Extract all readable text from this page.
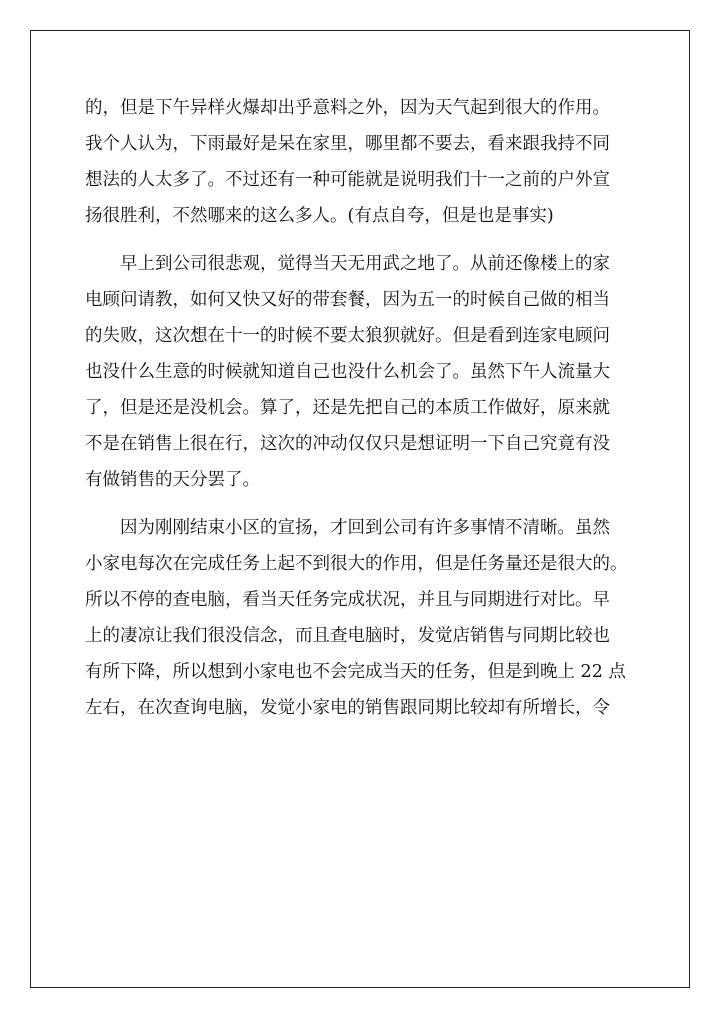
的，但是下午异样火爆却出乎意料之外，因为天气起到很大的作用。
我个人认为，下雨最好是呆在家里，哪里都不要去，看来跟我持不同
想法的人太多了。不过还有一种可能就是说明我们十一之前的户外宣
扬很胜利，不然哪来的这么多人。(有点自夸，但是也是事实)
　　早上到公司很悲观，觉得当天无用武之地了。从前还像楼上的家
电顾问请教，如何又快又好的带套餐，因为五一的时候自己做的相当
的失败，这次想在十一的时候不要太狼狈就好。但是看到连家电顾问
也没什么生意的时候就知道自己也没什么机会了。虽然下午人流量大
了，但是还是没机会。算了，还是先把自己的本质工作做好，原来就
不是在销售上很在行，这次的冲动仅仅只是想证明一下自己究竟有没
有做销售的天分罢了。
　　因为刚刚结束小区的宣扬，才回到公司有许多事情不清晰。虽然
小家电每次在完成任务上起不到很大的作用，但是任务量还是很大的。
所以不停的查电脑，看当天任务完成状况，并且与同期进行对比。早
上的凄凉让我们很没信念，而且查电脑时，发觉店销售与同期比较也
有所下降，所以想到小家电也不会完成当天的任务，但是到晚上 22 点
左右，在次查询电脑，发觉小家电的销售跟同期比较却有所增长，令
